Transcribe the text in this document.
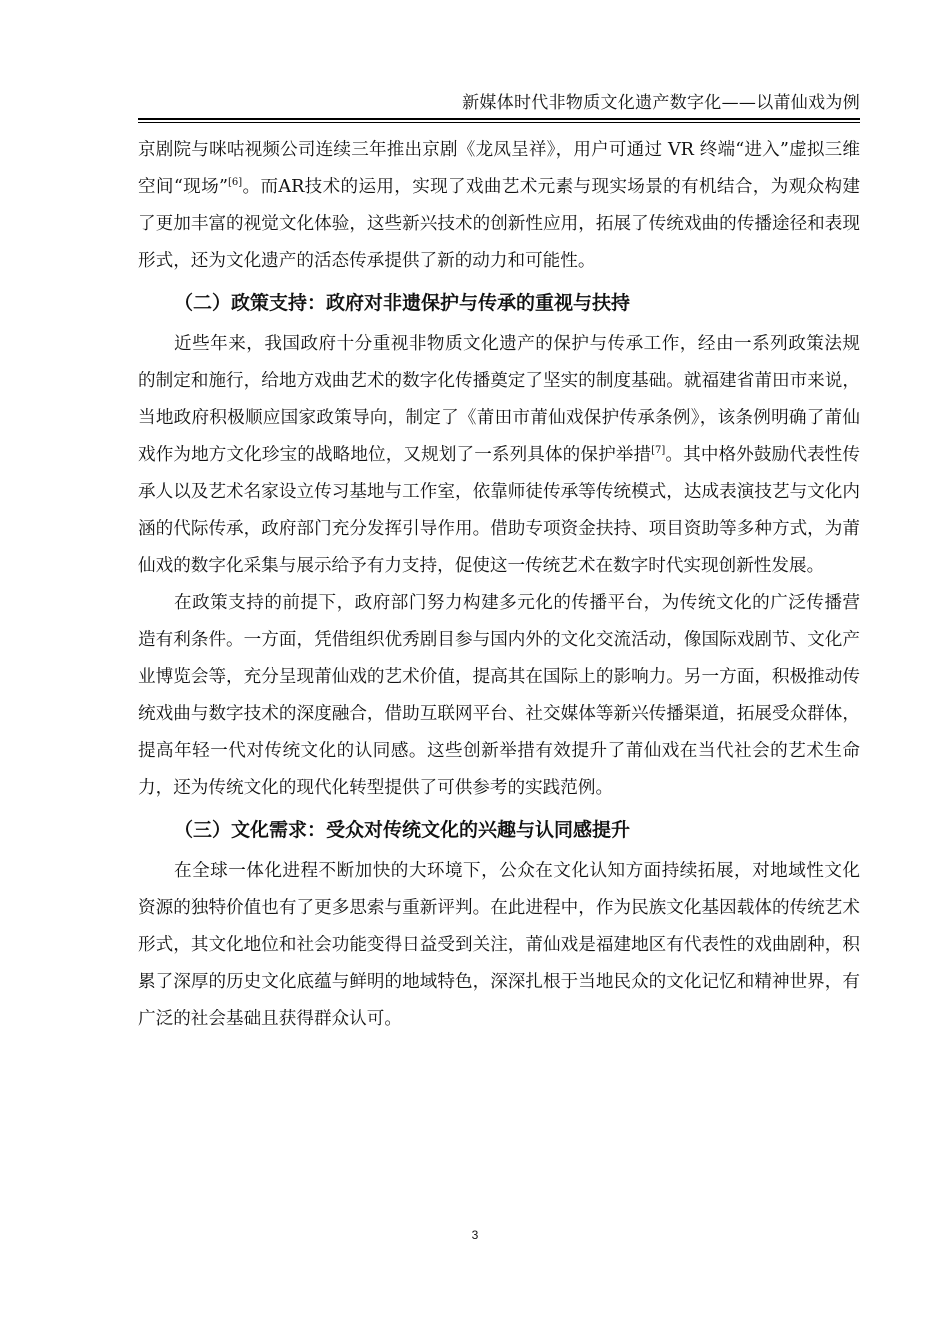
新媒体时代非物质文化遗产数字化——以莆仙戏为例

京剧院与咪咕视频公司连续三年推出京剧《龙凤呈祥》，用户可通过 VR 终端“进入”虚拟三维空间“现场”[6]。而AR技术的运用，实现了戏曲艺术元素与现实场景的有机结合，为观众构建了更加丰富的视觉文化体验，这些新兴技术的创新性应用，拓展了传统戏曲的传播途径和表现形式，还为文化遗产的活态传承提供了新的动力和可能性。

（二）政策支持：政府对非遗保护与传承的重视与扶持

近些年来，我国政府十分重视非物质文化遗产的保护与传承工作，经由一系列政策法规的制定和施行，给地方戏曲艺术的数字化传播奠定了坚实的制度基础。就福建省莆田市来说，当地政府积极顺应国家政策导向，制定了《莆田市莆仙戏保护传承条例》，该条例明确了莆仙戏作为地方文化珍宝的战略地位，又规划了一系列具体的保护举措[7]。其中格外鼓励代表性传承人以及艺术名家设立传习基地与工作室，依靠师徒传承等传统模式，达成表演技艺与文化内涵的代际传承，政府部门充分发挥引导作用。借助专项资金扶持、项目资助等多种方式，为莆仙戏的数字化采集与展示给予有力支持，促使这一传统艺术在数字时代实现创新性发展。

在政策支持的前提下，政府部门努力构建多元化的传播平台，为传统文化的广泛传播营造有利条件。一方面，凭借组织优秀剧目参与国内外的文化交流活动，像国际戏剧节、文化产业博览会等，充分呈现莆仙戏的艺术价值，提高其在国际上的影响力。另一方面，积极推动传统戏曲与数字技术的深度融合，借助互联网平台、社交媒体等新兴传播渠道，拓展受众群体，提高年轻一代对传统文化的认同感。这些创新举措有效提升了莆仙戏在当代社会的艺术生命力，还为传统文化的现代化转型提供了可供参考的实践范例。

（三）文化需求：受众对传统文化的兴趣与认同感提升

在全球一体化进程不断加快的大环境下，公众在文化认知方面持续拓展，对地域性文化资源的独特价值也有了更多思索与重新评判。在此进程中，作为民族文化基因载体的传统艺术形式，其文化地位和社会功能变得日益受到关注，莆仙戏是福建地区有代表性的戏曲剧种，积累了深厚的历史文化底蕴与鲜明的地域特色，深深扎根于当地民众的文化记忆和精神世界，有广泛的社会基础且获得群众认可。

3
